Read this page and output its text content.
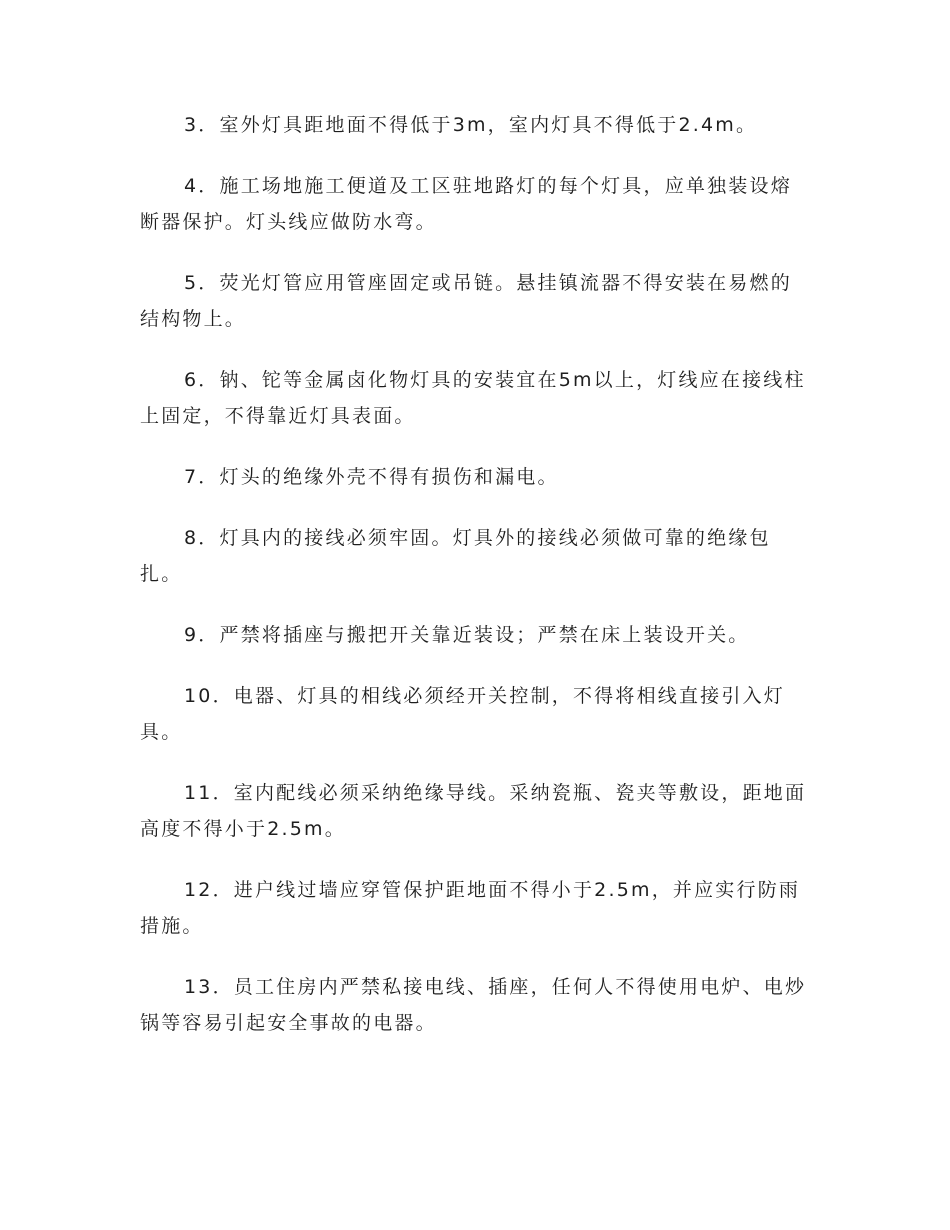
3．室外灯具距地面不得低于3m，室内灯具不得低于2.4m。

4．施工场地施工便道及工区驻地路灯的每个灯具，应单独装设熔断器保护。灯头线应做防水弯。

5．荧光灯管应用管座固定或吊链。悬挂镇流器不得安装在易燃的结构物上。

6．钠、铊等金属卤化物灯具的安装宜在5m以上，灯线应在接线柱上固定，不得靠近灯具表面。

7．灯头的绝缘外壳不得有损伤和漏电。

8．灯具内的接线必须牢固。灯具外的接线必须做可靠的绝缘包扎。

9．严禁将插座与搬把开关靠近装设；严禁在床上装设开关。

10．电器、灯具的相线必须经开关控制，不得将相线直接引入灯具。

11．室内配线必须采纳绝缘导线。采纳瓷瓶、瓷夹等敷设，距地面高度不得小于2.5m。

12．进户线过墙应穿管保护距地面不得小于2.5m，并应实行防雨措施。

13．员工住房内严禁私接电线、插座，任何人不得使用电炉、电炒锅等容易引起安全事故的电器。
